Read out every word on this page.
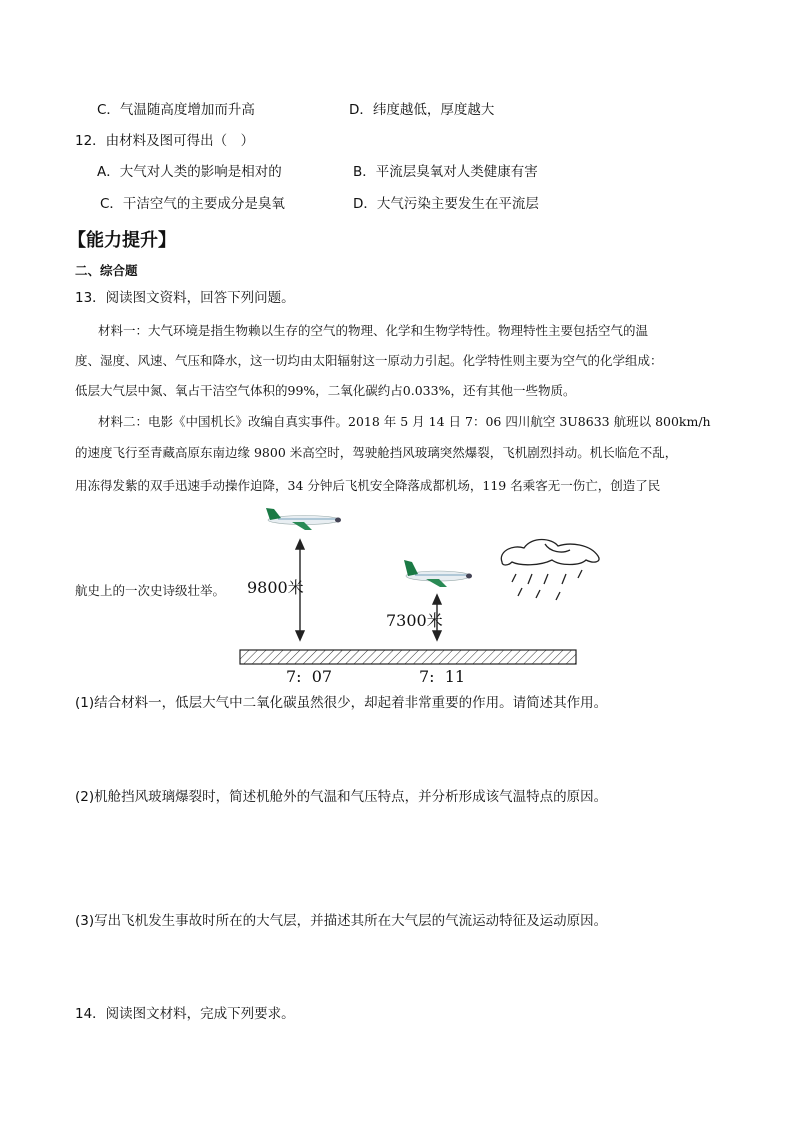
C．气温随高度增加而升高	D．纬度越低，厚度越大
12．由材料及图可得出（　）
A．大气对人类的影响是相对的	B．平流层臭氧对人类健康有害
C．干洁空气的主要成分是臭氧	D．大气污染主要发生在平流层
【能力提升】
二、综合题
13．阅读图文资料，回答下列问题。
材料一：大气环境是指生物赖以生存的空气的物理、化学和生物学特性。物理特性主要包括空气的温
度、湿度、风速、气压和降水，这一切均由太阳辐射这一原动力引起。化学特性则主要为空气的化学组成：
低层大气层中氮、氧占干洁空气体积的99%，二氧化碳约占0.033%，还有其他一些物质。
材料二：电影《中国机长》改编自真实事件。2018 年 5 月 14 日 7：06 四川航空 3U8633 航班以 800km/h
的速度飞行至青藏高原东南边缘 9800 米高空时，驾驶舱挡风玻璃突然爆裂，飞机剧烈抖动。机长临危不乱，
用冻得发紫的双手迅速手动操作迫降，34 分钟后飞机安全降落成都机场，119 名乘客无一伤亡，创造了民
航史上的一次史诗级壮举。 9800米
7300米
7:  07	7:  11
(1)结合材料一，低层大气中二氧化碳虽然很少，却起着非常重要的作用。请简述其作用。
(2)机舱挡风玻璃爆裂时，简述机舱外的气温和气压特点，并分析形成该气温特点的原因。
(3)写出飞机发生事故时所在的大气层，并描述其所在大气层的气流运动特征及运动原因。
14．阅读图文材料，完成下列要求。
